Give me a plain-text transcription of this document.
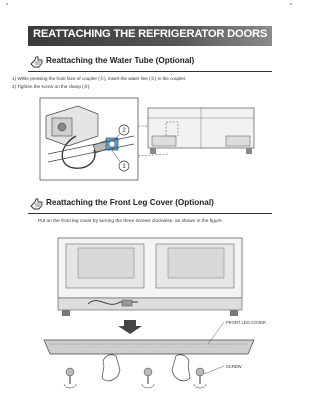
REATTACHING THE REFRIGERATOR DOORS
Reattaching the Water Tube (Optional)
1) While pressing the front face of coupler (①), insert the water line (②) in the coupler.
2) Tighten the screw on the clamp (③).
2
1
Reattaching the Front Leg Cover (Optional)
Put on the front leg cover by turning the three screws clockwise, as shown in the figure.
FRONT LEG COVER
SCREW
